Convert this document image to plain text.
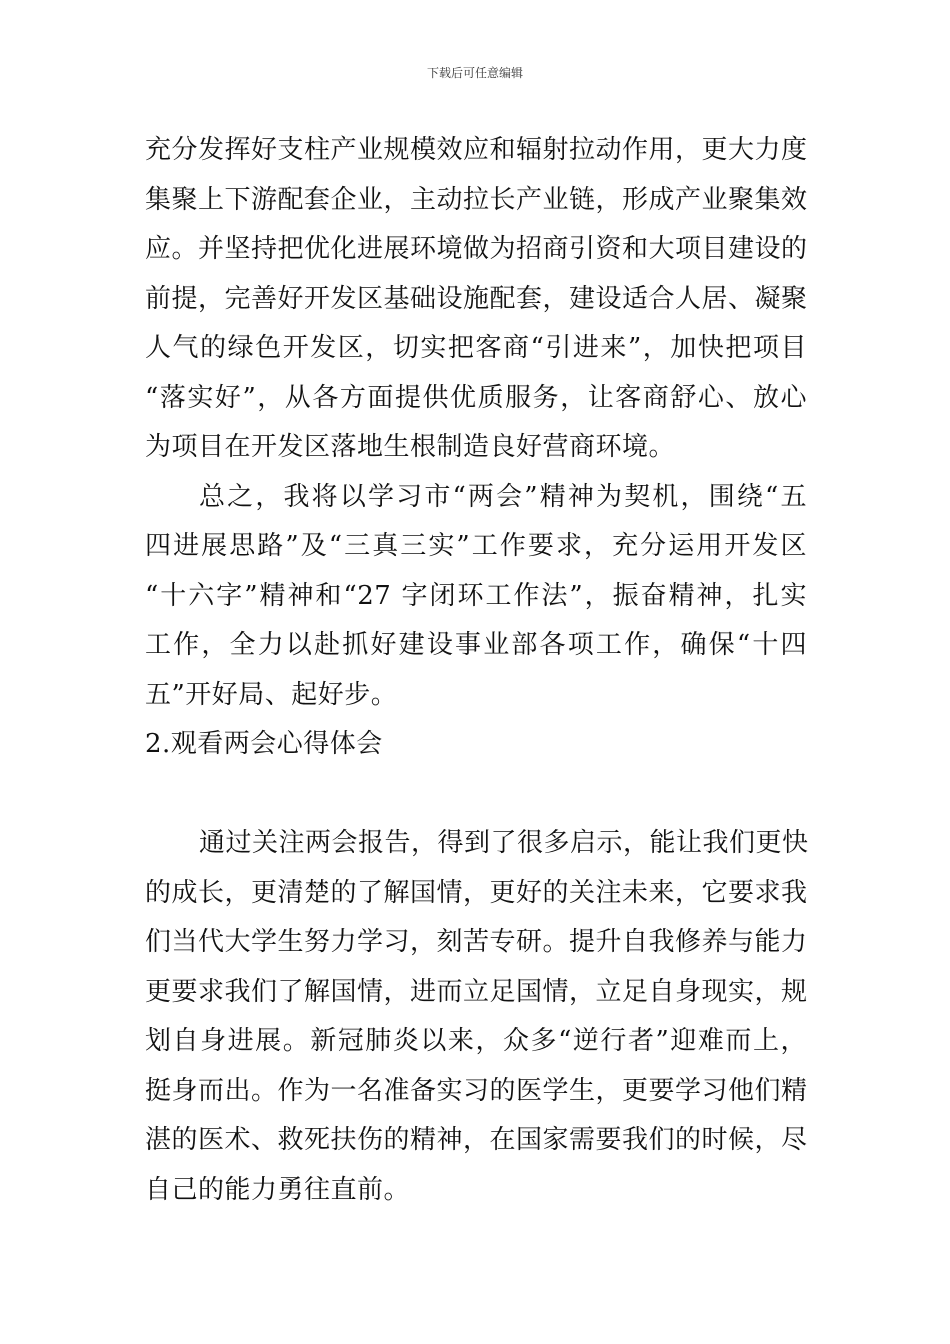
下载后可任意编辑
充分发挥好支柱产业规模效应和辐射拉动作用，更大力度
集聚上下游配套企业，主动拉长产业链，形成产业聚集效
应。并坚持把优化进展环境做为招商引资和大项目建设的
前提，完善好开发区基础设施配套，建设适合人居、凝聚
人气的绿色开发区，切实把客商“引进来”，加快把项目
“落实好”，从各方面提供优质服务，让客商舒心、放心
为项目在开发区落地生根制造良好营商环境。
总之，我将以学习市“两会”精神为契机，围绕“五
四进展思路”及“三真三实”工作要求，充分运用开发区
“十六字”精神和“27 字闭环工作法”，振奋精神，扎实
工作，全力以赴抓好建设事业部各项工作，确保“十四
五”开好局、起好步。
2.观看两会心得体会
通过关注两会报告，得到了很多启示，能让我们更快
的成长，更清楚的了解国情，更好的关注未来，它要求我
们当代大学生努力学习，刻苦专研。提升自我修养与能力
更要求我们了解国情，进而立足国情，立足自身现实，规
划自身进展。新冠肺炎以来，众多“逆行者”迎难而上，
挺身而出。作为一名准备实习的医学生，更要学习他们精
湛的医术、救死扶伤的精神，在国家需要我们的时候，尽
自己的能力勇往直前。
